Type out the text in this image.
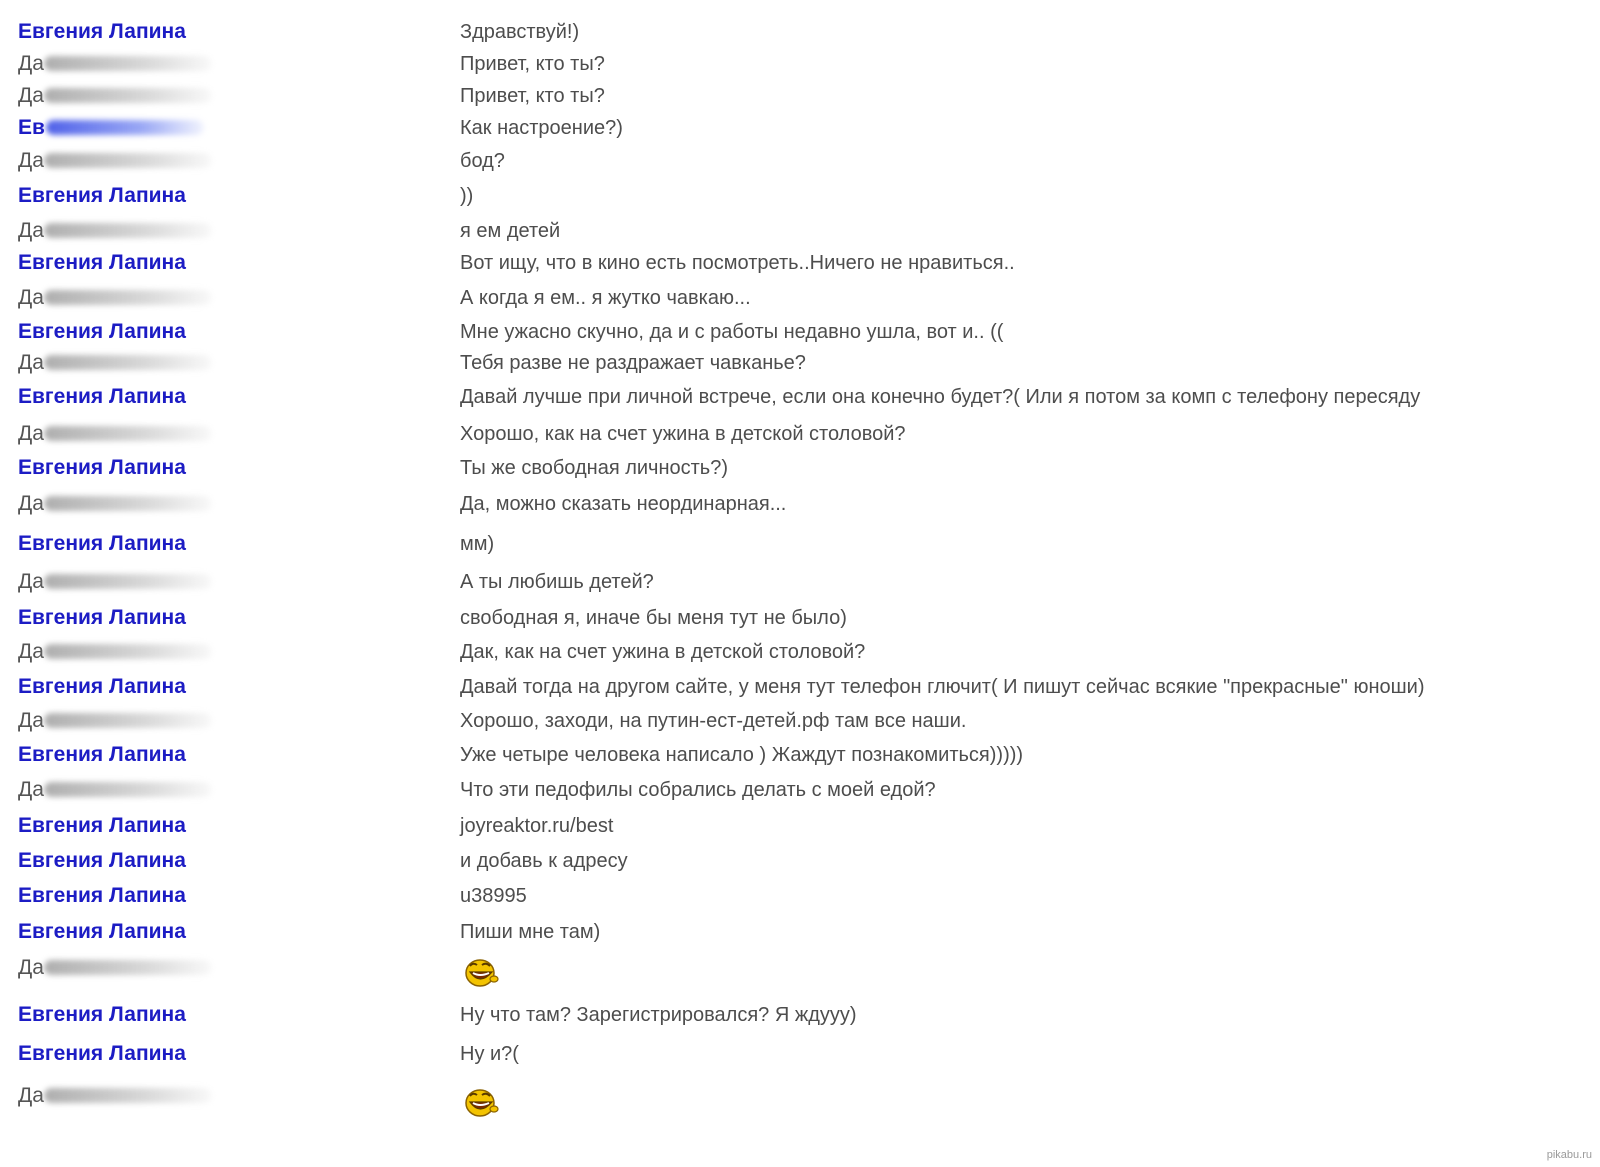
Евгения Лапина	Здравствуй!)
Да	Привет, кто ты?
Да	Привет, кто ты?
Ев	Как настроение?)
Да	бод?
Евгения Лапина	))
Да	я ем детей
Евгения Лапина	Вот ищу, что в кино есть посмотреть..Ничего не нравиться..
Да	А когда я ем.. я жутко чавкаю...
Евгения Лапина	Мне ужасно скучно, да и с работы недавно ушла, вот и.. ((
Да	Тебя разве не раздражает чавканье?
Евгения Лапина	Давай лучше при личной встрече, если она конечно будет?( Или я потом за комп с телефону пересяду
Да	Хорошо, как на счет ужина в детской столовой?
Евгения Лапина	Ты же свободная личность?)
Да	Да, можно сказать неординарная...
Евгения Лапина	мм)
Да	А ты любишь детей?
Евгения Лапина	свободная я, иначе бы меня тут не было)
Да	Дак, как на счет ужина в детской столовой?
Евгения Лапина	Давай тогда на другом сайте, у меня тут телефон глючит( И пишут сейчас всякие "прекрасные" юноши)
Да	Хорошо, заходи, на путин-ест-детей.рф там все наши.
Евгения Лапина	Уже четыре человека написало ) Жаждут познакомиться)))))
Да	Что эти педофилы собрались делать с моей едой?
Евгения Лапина	joyreaktor.ru/best
Евгения Лапина	и добавь к адресу
Евгения Лапина	u38995
Евгения Лапина	Пиши мне там)
Да
Евгения Лапина	Ну что там? Зарегистрировался? Я ждууу)
Евгения Лапина	Ну и?(
Да
pikabu.ru
